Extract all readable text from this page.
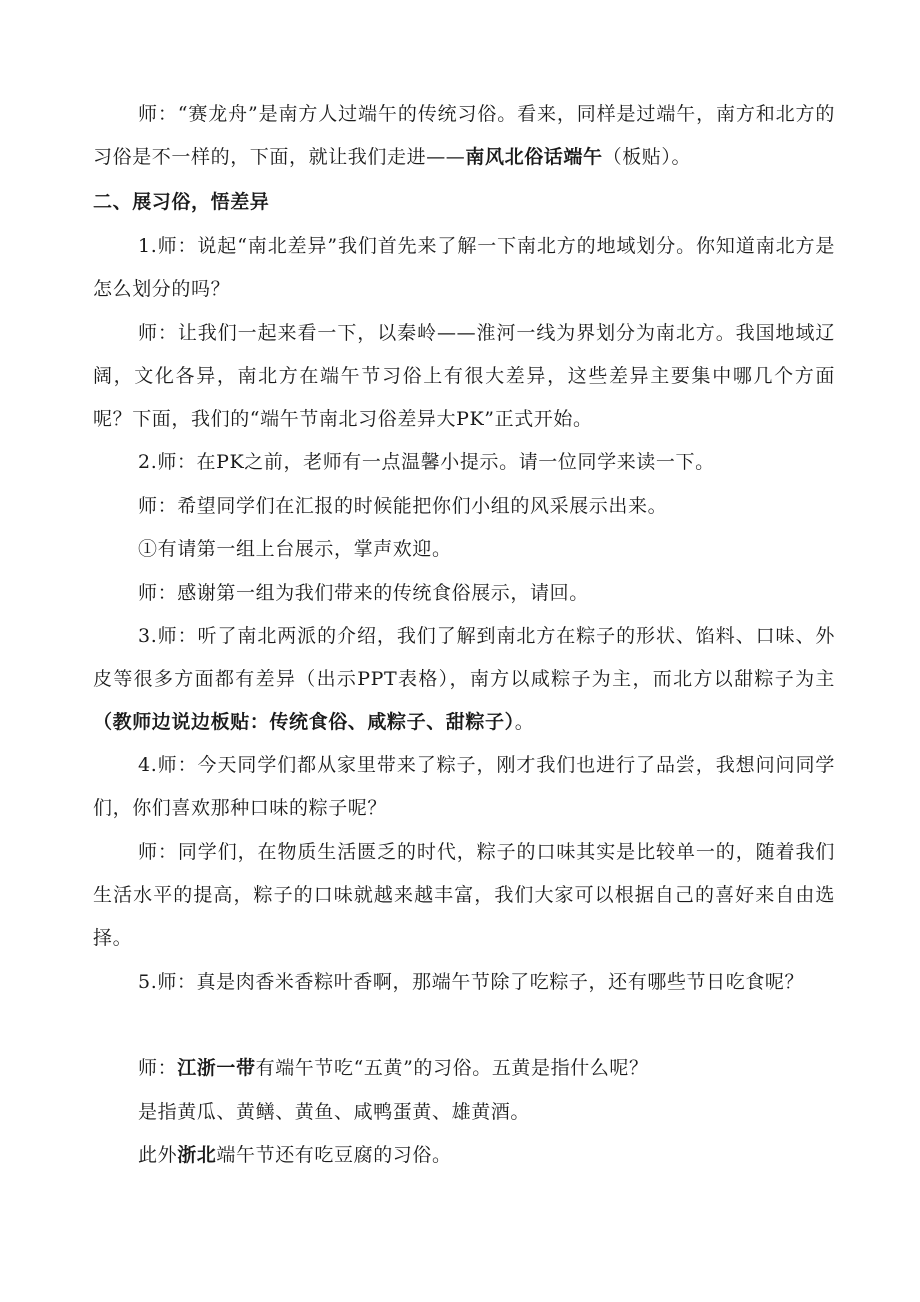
师：“赛龙舟”是南方人过端午的传统习俗。看来，同样是过端午，南方和北方的习俗是不一样的，下面，就让我们走进——南风北俗话端午（板贴）。

二、展习俗，悟差异

1.师：说起“南北差异”我们首先来了解一下南北方的地域划分。你知道南北方是怎么划分的吗？

师：让我们一起来看一下，以秦岭——淮河一线为界划分为南北方。我国地域辽阔，文化各异，南北方在端午节习俗上有很大差异，这些差异主要集中哪几个方面呢？下面，我们的“端午节南北习俗差异大PK”正式开始。

2.师：在PK之前，老师有一点温馨小提示。请一位同学来读一下。

师：希望同学们在汇报的时候能把你们小组的风采展示出来。

①有请第一组上台展示，掌声欢迎。

师：感谢第一组为我们带来的传统食俗展示，请回。

3.师：听了南北两派的介绍，我们了解到南北方在粽子的形状、馅料、口味、外皮等很多方面都有差异（出示PPT表格），南方以咸粽子为主，而北方以甜粽子为主（教师边说边板贴：传统食俗、咸粽子、甜粽子）。

4.师：今天同学们都从家里带来了粽子，刚才我们也进行了品尝，我想问问同学们，你们喜欢那种口味的粽子呢？

师：同学们，在物质生活匮乏的时代，粽子的口味其实是比较单一的，随着我们生活水平的提高，粽子的口味就越来越丰富，我们大家可以根据自己的喜好来自由选择。

5.师：真是肉香米香粽叶香啊，那端午节除了吃粽子，还有哪些节日吃食呢？

师：江浙一带有端午节吃“五黄”的习俗。五黄是指什么呢？

是指黄瓜、黄鳝、黄鱼、咸鸭蛋黄、雄黄酒。

此外浙北端午节还有吃豆腐的习俗。
